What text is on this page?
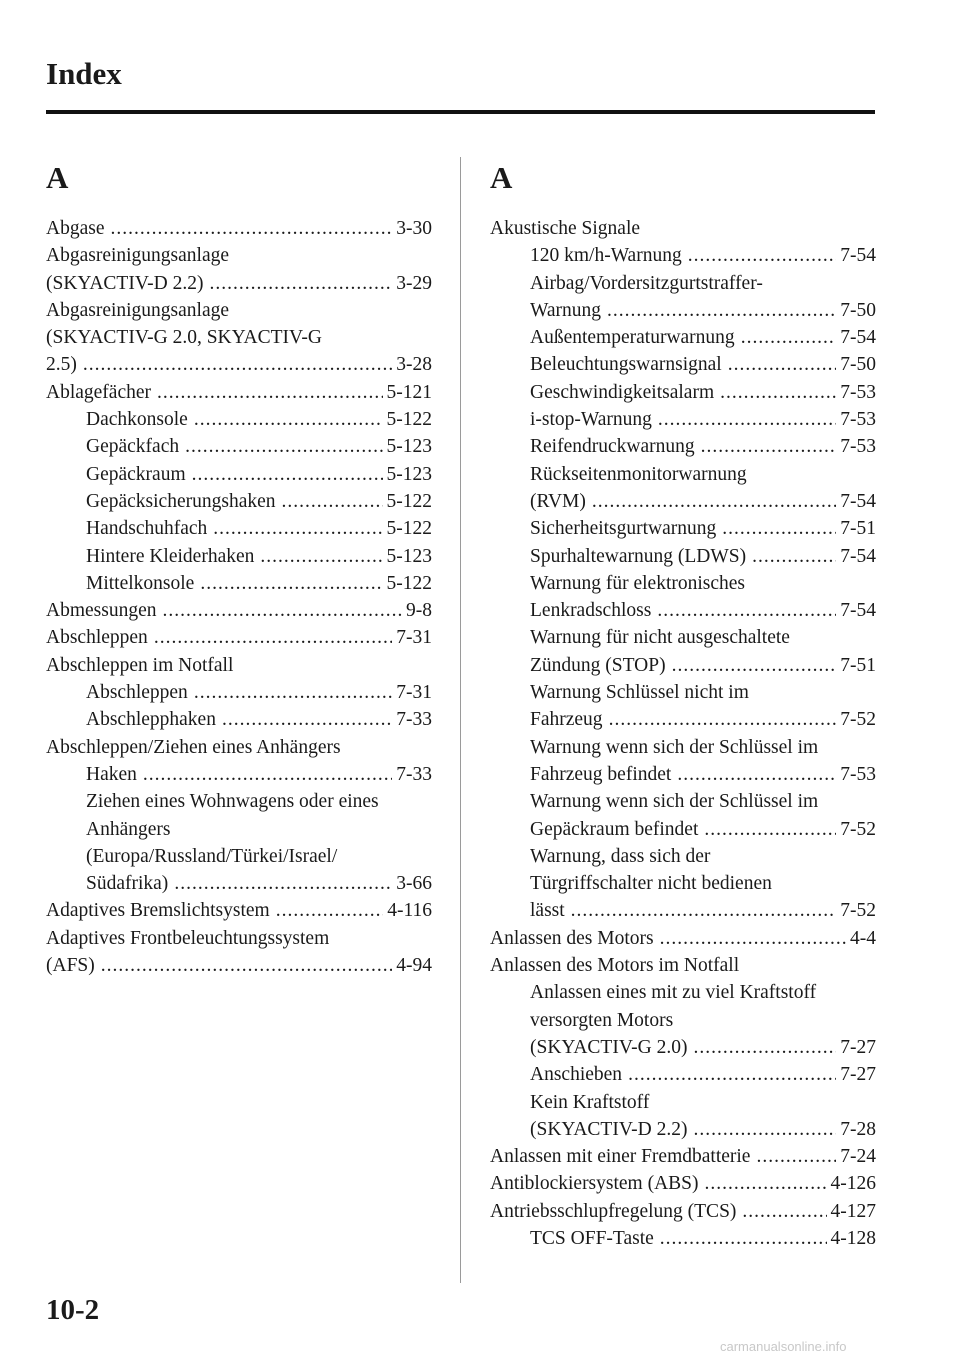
Index
A
Abgase .....	3-30
Abgasreinigungsanlage
(SKYACTIV-D 2.2) .....	3-29
Abgasreinigungsanlage
(SKYACTIV-G 2.0, SKYACTIV-G
2.5) .....	3-28
Ablagefächer .....	5-121
Dachkonsole .....	5-122
Gepäckfach .....	5-123
Gepäckraum .....	5-123
Gepäcksicherungshaken .....	5-122
Handschuhfach .....	5-122
Hintere Kleiderhaken .....	5-123
Mittelkonsole .....	5-122
Abmessungen .....	9-8
Abschleppen .....	7-31
Abschleppen im Notfall
Abschleppen .....	7-31
Abschlepphaken .....	7-33
Abschleppen/Ziehen eines Anhängers
Haken .....	7-33
Ziehen eines Wohnwagens oder eines
Anhängers
(Europa/Russland/Türkei/Israel/
Südafrika) .....	3-66
Adaptives Bremslichtsystem .....	4-116
Adaptives Frontbeleuchtungssystem
(AFS) .....	4-94
A
Akustische Signale
120 km/h-Warnung .....	7-54
Airbag/Vordersitzgurtstraffer-
Warnung .....	7-50
Außentemperaturwarnung .....	7-54
Beleuchtungswarnsignal .....	7-50
Geschwindigkeitsalarm .....	7-53
i-stop-Warnung .....	7-53
Reifendruckwarnung .....	7-53
Rückseitenmonitorwarnung
(RVM) .....	7-54
Sicherheitsgurtwarnung .....	7-51
Spurhaltewarnung (LDWS) .....	7-54
Warnung für elektronisches
Lenkradschloss .....	7-54
Warnung für nicht ausgeschaltete
Zündung (STOP) .....	7-51
Warnung Schlüssel nicht im
Fahrzeug .....	7-52
Warnung wenn sich der Schlüssel im
Fahrzeug befindet .....	7-53
Warnung wenn sich der Schlüssel im
Gepäckraum befindet .....	7-52
Warnung, dass sich der
Türgriffschalter nicht bedienen
lässt .....	7-52
Anlassen des Motors .....	4-4
Anlassen des Motors im Notfall
Anlassen eines mit zu viel Kraftstoff
versorgten Motors
(SKYACTIV-G 2.0) .....	7-27
Anschieben .....	7-27
Kein Kraftstoff
(SKYACTIV-D 2.2) .....	7-28
Anlassen mit einer Fremdbatterie .....	7-24
Antiblockiersystem (ABS) .....	4-126
Antriebsschlupfregelung (TCS) .....	4-127
TCS OFF-Taste .....	4-128
10-2
carmanualsonline.info
